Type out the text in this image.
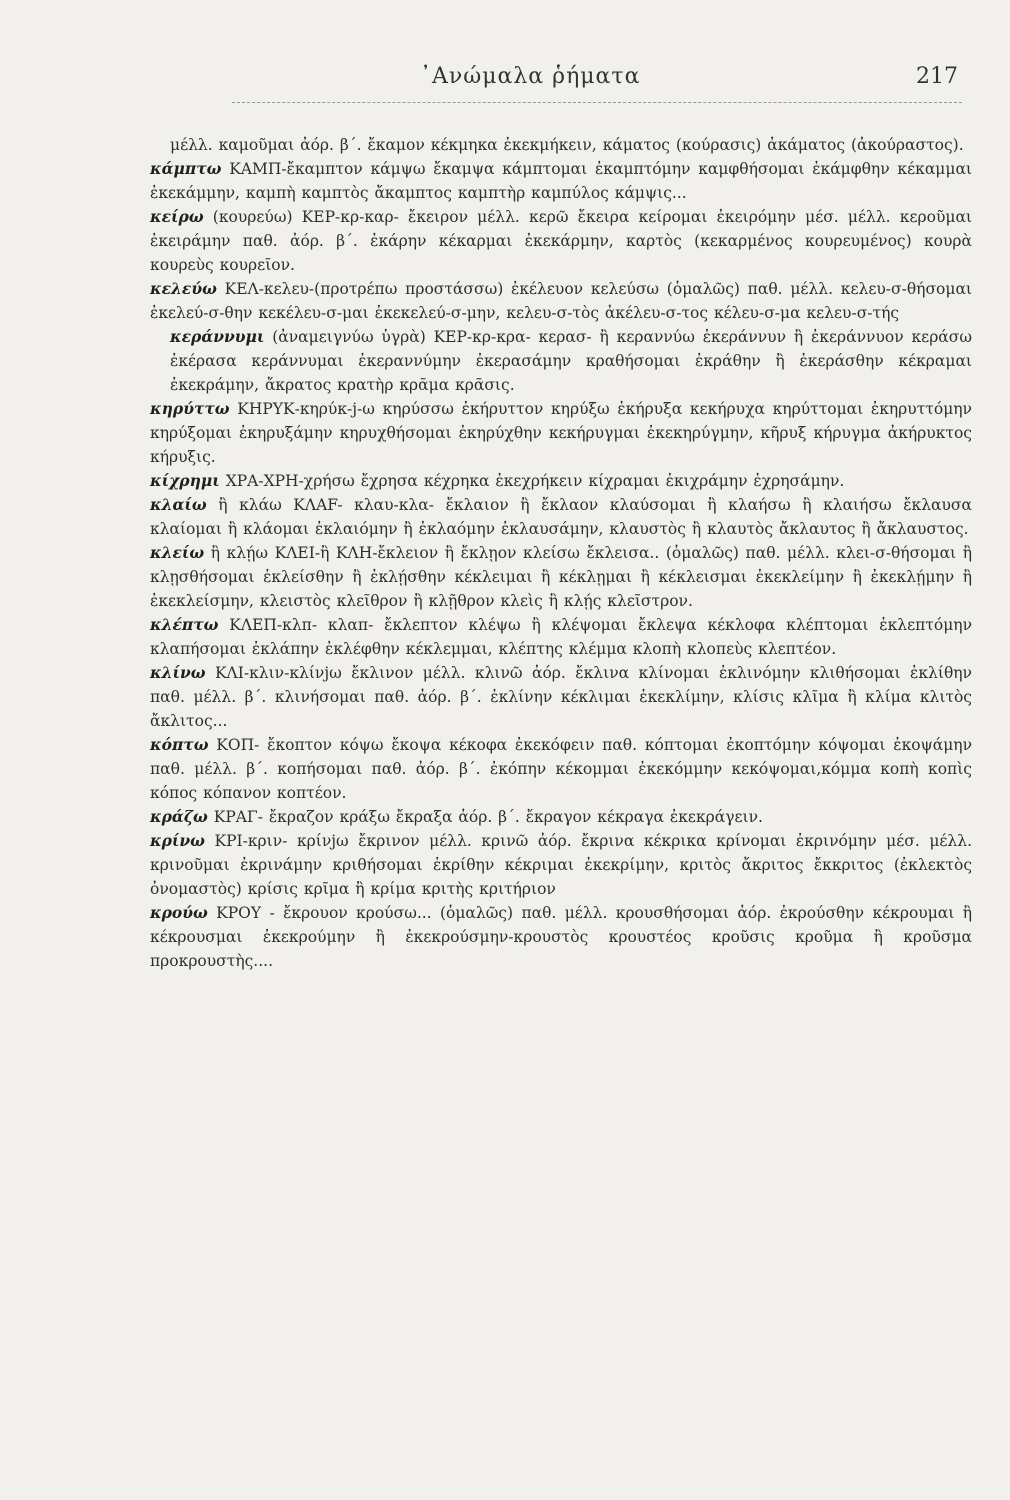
᾿Ανώμαλα ῥήματα	217

μέλλ. καμοῦμαι ἀόρ. β΄. ἔκαμον κέκμηκα ἐκεκμήκειν, κάματος (κούρασις) ἀκάματος (ἀκούραστος).

κάμπτω ΚΑΜΠ-ἔκαμπτον κάμψω ἔκαμψα κάμπτομαι ἐκαμπτόμην καμφθήσομαι ἐκάμφθην κέκαμμαι ἐκεκάμμην, καμπὴ καμπτὸς ἄκαμπτος καμπτὴρ καμπύλος κάμψις...

κείρω (κουρεύω) ΚΕΡ-κρ-καρ- ἔκειρον μέλλ. κερῶ ἔκειρα κείρομαι ἐκειρόμην μέσ. μέλλ. κεροῦμαι ἐκειράμην παθ. ἀόρ. β΄. ἐκάρην κέκαρμαι ἐκεκάρμην, καρτὸς (κεκαρμένος κουρευμένος) κουρὰ κουρεὺς κουρεῖον.

κελεύω ΚΕΛ-κελευ-(προτρέπω προστάσσω) ἐκέλευον κελεύσω (ὁμαλῶς) παθ. μέλλ. κελευ-σ-θήσομαι ἐκελεύ-σ-θην κεκέλευ-σ-μαι ἐκεκελεύ-σ-μην, κελευ-σ-τὸς ἀκέλευ-σ-τος κέλευ-σ-μα κελευ-σ-τής

κεράννυμι (ἀναμειγνύω ὑγρὰ) ΚΕΡ-κρ-κρα- κερασ- ἢ κεραννύω ἐκεράννυν ἢ ἐκεράννυον κεράσω ἐκέρασα κεράννυμαι ἐκεραννύμην ἐκερασάμην κραθήσομαι ἐκράθην ἢ ἐκεράσθην κέκραμαι ἐκεκράμην, ἄκρατος κρατὴρ κρᾶμα κρᾶσις.

κηρύττω ΚΗΡΥΚ-κηρύκ-j-ω κηρύσσω ἐκήρυττον κηρύξω ἐκήρυξα κεκήρυχα κηρύττομαι ἐκηρυττόμην κηρύξομαι ἐκηρυξάμην κηρυχθήσομαι ἐκηρύχθην κεκήρυγμαι ἐκεκηρύγμην, κῆρυξ κήρυγμα ἀκήρυκτος κήρυξις.

κίχρημι ΧΡΑ-ΧΡΗ-χρήσω ἔχρησα κέχρηκα ἐκεχρήκειν κίχραμαι ἐκιχράμην ἐχρησάμην.

κλαίω ἢ κλάω ΚΛΑF- κλαυ-κλα- ἔκλαιον ἢ ἔκλαον κλαύσομαι ἢ κλαήσω ἢ κλαιήσω ἔκλαυσα κλαίομαι ἢ κλάομαι ἐκλαιόμην ἢ ἐκλαόμην ἐκλαυσάμην, κλαυστὸς ἢ κλαυτὸς ἄκλαυτος ἢ ἄκλαυστος.

κλείω ἢ κλῄω ΚΛΕΙ-ἢ ΚΛΗ-ἔκλειον ἢ ἔκλῃον κλείσω ἔκλεισα.. (ὁμαλῶς) παθ. μέλλ. κλει-σ-θήσομαι ἢ κλῃσθήσομαι ἐκλείσθην ἢ ἐκλῄσθην κέκλειμαι ἢ κέκλῃμαι ἢ κέκλεισμαι ἐκεκλείμην ἢ ἐκεκλῄμην ἢ ἐκεκλείσμην, κλειστὸς κλεῖθρον ἢ κλῇθρον κλεὶς ἢ κλῄς κλεῖστρον.

κλέπτω ΚΛΕΠ-κλπ- κλαπ- ἔκλεπτον κλέψω ἢ κλέψομαι ἔκλεψα κέκλοφα κλέπτομαι ἐκλεπτόμην κλαπήσομαι ἐκλάπην ἐκλέφθην κέκλεμμαι, κλέπτης κλέμμα κλοπὴ κλοπεὺς κλεπτέον.

κλίνω ΚΛΙ-κλιν-κλίνjω ἔκλινον μέλλ. κλινῶ ἀόρ. ἔκλινα κλίνομαι ἐκλινόμην κλιθήσομαι ἐκλίθην παθ. μέλλ. β΄. κλινήσομαι παθ. ἀόρ. β΄. ἐκλίνην κέκλιμαι ἐκεκλίμην, κλίσις κλῖμα ἢ κλίμα κλιτὸς ἄκλιτος...

κόπτω ΚΟΠ- ἔκοπτον κόψω ἔκοψα κέκοφα ἐκεκόφειν παθ. κόπτομαι ἐκοπτόμην κόψομαι ἐκοψάμην παθ. μέλλ. β΄. κοπήσομαι παθ. ἀόρ. β΄. ἐκόπην κέκομμαι ἐκεκόμμην κεκόψομαι,κόμμα κοπὴ κοπὶς κόπος κόπανον κοπτέον.

κράζω ΚΡΑΓ- ἔκραζον κράξω ἔκραξα ἀόρ. β΄. ἔκραγον κέκραγα ἐκεκράγειν.

κρίνω ΚΡΙ-κριν- κρίνjω ἔκρινον μέλλ. κρινῶ ἀόρ. ἔκρινα κέκρικα κρίνομαι ἐκρινόμην μέσ. μέλλ. κρινοῦμαι ἐκρινάμην κριθήσομαι ἐκρίθην κέκριμαι ἐκεκρίμην, κριτὸς ἄκριτος ἔκκριτος (ἐκλεκτὸς ὀνομαστὸς) κρίσις κρῖμα ἢ κρίμα κριτὴς κριτήριον

κρούω ΚΡΟΥ - ἔκρουον κρούσω... (ὁμαλῶς) παθ. μέλλ. κρουσθήσομαι ἀόρ. ἐκρούσθην κέκρουμαι ἢ κέκρουσμαι ἐκεκρούμην ἢ ἐκεκρούσμην-κρουστὸς κρουστέος κροῦσις κροῦμα ἢ κροῦσμα προκρουστὴς....
